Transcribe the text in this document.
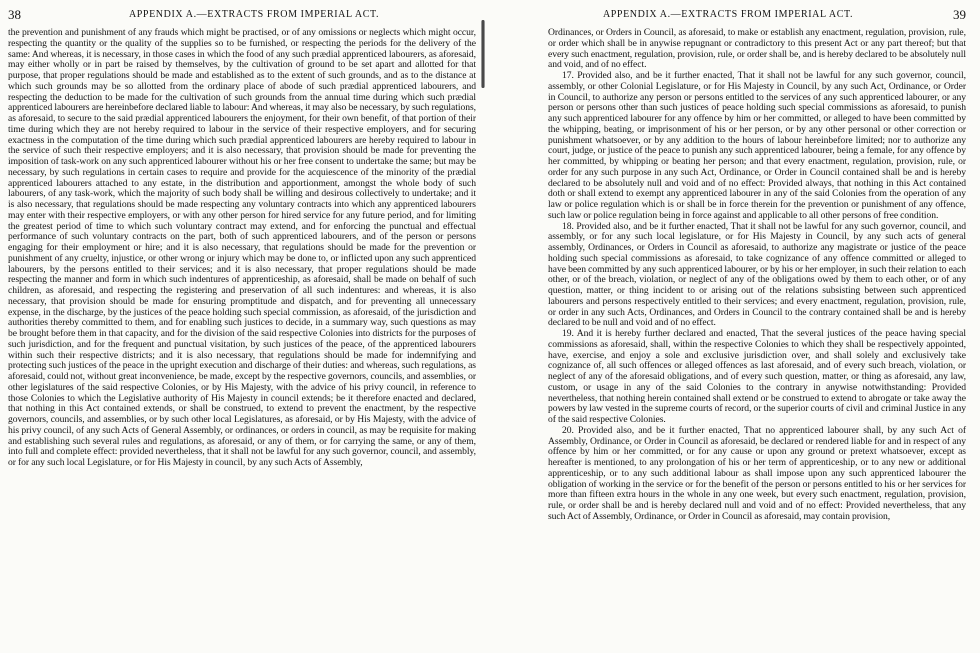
38	APPENDIX A.—EXTRACTS FROM IMPERIAL ACT.

the prevention and punishment of any frauds which might be practised, or of any omissions or neglects which might occur, respecting the quantity or the quality of the supplies so to be furnished, or respecting the periods for the delivery of the same: And whereas, it is necessary, in those cases in which the food of any such prædial apprenticed labourers, as aforesaid, may either wholly or in part be raised by themselves, by the cultivation of ground to be set apart and allotted for that purpose, that proper regulations should be made and established as to the extent of such grounds, and as to the distance at which such grounds may be so allotted from the ordinary place of abode of such prædial apprenticed labourers, and respecting the deduction to be made for the cultivation of such grounds from the annual time during which such prædial apprenticed labourers are hereinbefore declared liable to labour: And whereas, it may also be necessary, by such regulations, as aforesaid, to secure to the said prædial apprenticed labourers the enjoyment, for their own benefit, of that portion of their time during which they are not hereby required to labour in the service of their respective employers, and for securing exactness in the computation of the time during which such prædial apprenticed labourers are hereby required to labour in the service of such their respective employers; and it is also necessary, that provision should be made for preventing the imposition of task-work on any such apprenticed labourer without his or her free consent to undertake the same; but may be necessary, by such regulations in certain cases to require and provide for the acquiescence of the minority of the prædial apprenticed labourers attached to any estate, in the distribution and apportionment, amongst the whole body of such labourers, of any task-work, which the majority of such body shall be willing and desirous collectively to undertake; and it is also necessary, that regulations should be made respecting any voluntary contracts into which any apprenticed labourers may enter with their respective employers, or with any other person for hired service for any future period, and for limiting the greatest period of time to which such voluntary contract may extend, and for enforcing the punctual and effectual performance of such voluntary contracts on the part, both of such apprenticed labourers, and of the person or persons engaging for their employment or hire; and it is also necessary, that regulations should be made for the prevention or punishment of any cruelty, injustice, or other wrong or injury which may be done to, or inflicted upon any such apprenticed labourers, by the persons entitled to their services; and it is also necessary, that proper regulations should be made respecting the manner and form in which such indentures of apprenticeship, as aforesaid, shall be made on behalf of such children, as aforesaid, and respecting the registering and preservation of all such indentures: and whereas, it is also necessary, that provision should be made for ensuring promptitude and dispatch, and for preventing all unnecessary expense, in the discharge, by the justices of the peace holding such special commission, as aforesaid, of the jurisdiction and authorities thereby committed to them, and for enabling such justices to decide, in a summary way, such questions as may be brought before them in that capacity, and for the division of the said respective Colonies into districts for the purposes of such jurisdiction, and for the frequent and punctual visitation, by such justices of the peace, of the apprenticed labourers within such their respective districts; and it is also necessary, that regulations should be made for indemnifying and protecting such justices of the peace in the upright execution and discharge of their duties: and whereas, such regulations, as aforesaid, could not, without great inconvenience, be made, except by the respective governors, councils, and assemblies, or other legislatures of the said respective Colonies, or by His Majesty, with the advice of his privy council, in reference to those Colonies to which the Legislative authority of His Majesty in council extends; be it therefore enacted and declared, that nothing in this Act contained extends, or shall be construed, to extend to prevent the enactment, by the respective governors, councils, and assemblies, or by such other local Legislatures, as aforesaid, or by His Majesty, with the advice of his privy council, of any such Acts of General Assembly, or ordinances, or orders in council, as may be requisite for making and establishing such several rules and regulations, as aforesaid, or any of them, or for carrying the same, or any of them, into full and complete effect: provided nevertheless, that it shall not be lawful for any such governor, council, and assembly, or for any such local Legislature, or for His Majesty in council, by any such Acts of Assembly,

APPENDIX A.—EXTRACTS FROM IMPERIAL ACT.	39

Ordinances, or Orders in Council, as aforesaid, to make or establish any enactment, regulation, provision, rule, or order which shall be in anywise repugnant or contradictory to this present Act or any part thereof; but that every such enactment, regulation, provision, rule, or order shall be, and is hereby declared to be absolutely null and void, and of no effect.

17. Provided also, and be it further enacted, That it shall not be lawful for any such governor, council, assembly, or other Colonial Legislature, or for His Majesty in Council, by any such Act, Ordinance, or Order in Council, to authorize any person or persons entitled to the services of any such apprenticed labourer, or any person or persons other than such justices of peace holding such special commissions as aforesaid, to punish any such apprenticed labourer for any offence by him or her committed, or alleged to have been committed by the whipping, beating, or imprisonment of his or her person, or by any other personal or other correction or punishment whatsoever, or by any addition to the hours of labour hereinbefore limited; nor to authorize any court, judge, or justice of the peace to punish any such apprenticed labourer, being a female, for any offence by her committed, by whipping or beating her person; and that every enactment, regulation, provision, rule, or order for any such purpose in any such Act, Ordinance, or Order in Council contained shall be and is hereby declared to be absolutely null and void and of no effect: Provided always, that nothing in this Act contained doth or shall extend to exempt any apprenticed labourer in any of the said Colonies from the operation of any law or police regulation which is or shall be in force therein for the prevention or punishment of any offence, such law or police regulation being in force against and applicable to all other persons of free condition.

18. Provided also, and be it further enacted, That it shall not be lawful for any such governor, council, and assembly, or for any such local legislature, or for His Majesty in Council, by any such acts of general assembly, Ordinances, or Orders in Council as aforesaid, to authorize any magistrate or justice of the peace holding such special commissions as aforesaid, to take cognizance of any offence committed or alleged to have been committed by any such apprenticed labourer, or by his or her employer, in such their relation to each other, or of the breach, violation, or neglect of any of the obligations owed by them to each other, or of any question, matter, or thing incident to or arising out of the relations subsisting between such apprenticed labourers and persons respectively entitled to their services; and every enactment, regulation, provision, rule, or order in any such Acts, Ordinances, and Orders in Council to the contrary contained shall be and is hereby declared to be null and void and of no effect.

19. And it is hereby further declared and enacted, That the several justices of the peace having special commissions as aforesaid, shall, within the respective Colonies to which they shall be respectively appointed, have, exercise, and enjoy a sole and exclusive jurisdiction over, and shall solely and exclusively take cognizance of, all such offences or alleged offences as last aforesaid, and of every such breach, violation, or neglect of any of the aforesaid obligations, and of every such question, matter, or thing as aforesaid, any law, custom, or usage in any of the said Colonies to the contrary in anywise notwithstanding: Provided nevertheless, that nothing herein contained shall extend or be construed to extend to abrogate or take away the powers by law vested in the supreme courts of record, or the superior courts of civil and criminal Justice in any of the said respective Colonies.

20. Provided also, and be it further enacted, That no apprenticed labourer shall, by any such Act of Assembly, Ordinance, or Order in Council as aforesaid, be declared or rendered liable for and in respect of any offence by him or her committed, or for any cause or upon any ground or pretext whatsoever, except as hereafter is mentioned, to any prolongation of his or her term of apprenticeship, or to any new or additional apprenticeship, or to any such additional labour as shall impose upon any such apprenticed labourer the obligation of working in the service or for the benefit of the person or persons entitled to his or her services for more than fifteen extra hours in the whole in any one week, but every such enactment, regulation, provision, rule, or order shall be and is hereby declared null and void and of no effect: Provided nevertheless, that any such Act of Assembly, Ordinance, or Order in Council as aforesaid, may contain provision,
